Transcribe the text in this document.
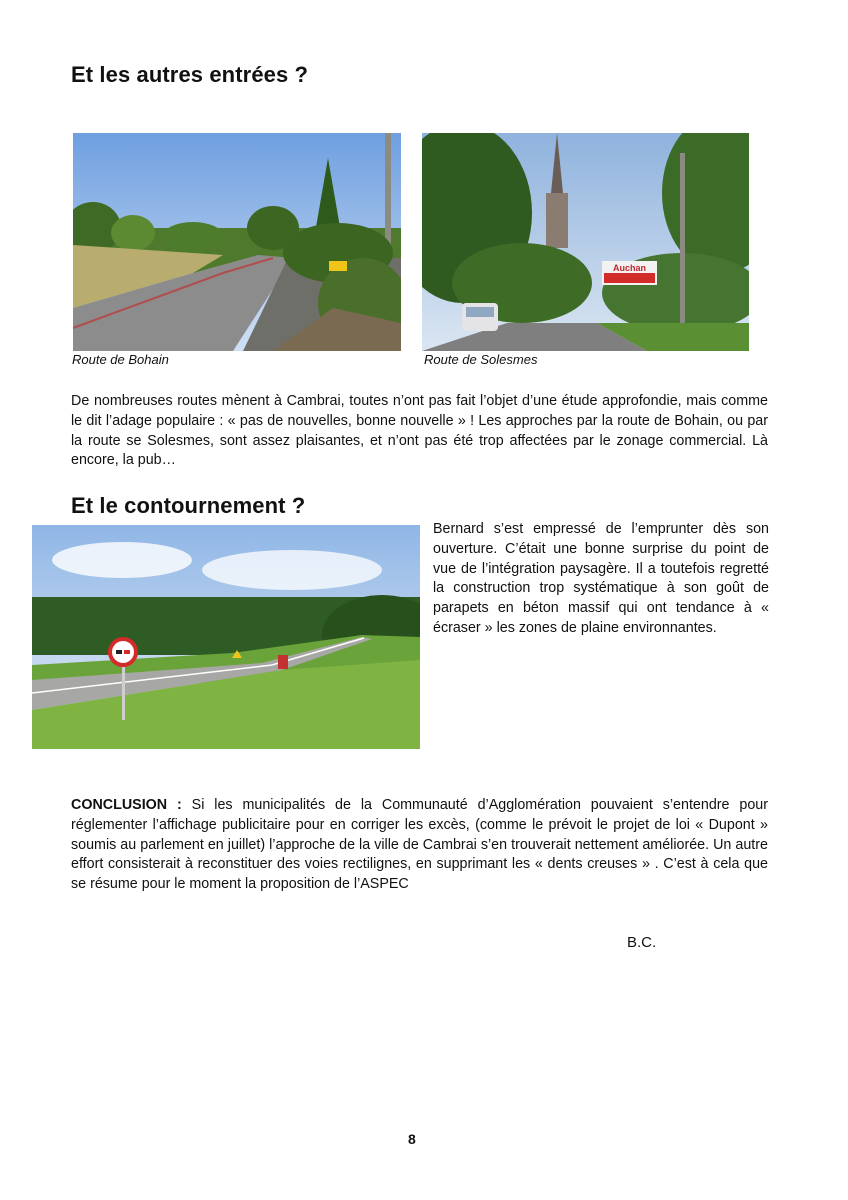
Et les autres entrées ?
Auchan
Route de Bohain	Route de Solesmes

De nombreuses routes mènent à Cambrai, toutes n’ont pas fait l’objet d’une étude approfondie, mais comme le dit l’adage populaire : « pas de nouvelles, bonne nouvelle » ! Les approches par la route de Bohain, ou par la route se Solesmes, sont assez plaisantes, et n’ont pas été trop affectées par le zonage commercial. Là encore, la pub…

Et le contournement ?

Bernard s’est empressé de l’emprunter dès son ouverture. C’était une bonne surprise du point de vue de l’intégration paysagère. Il a toutefois regretté la construction trop systématique à son goût de parapets en béton massif qui ont tendance à « écraser » les zones de plaine environnantes.

CONCLUSION : Si les municipalités de la Communauté d’Agglomération pouvaient s’entendre pour réglementer l’affichage publicitaire pour en corriger les excès, (comme le prévoit le projet de loi « Dupont » soumis au parlement en juillet) l’approche de la ville de Cambrai s’en trouverait nettement améliorée. Un autre effort consisterait à reconstituer des voies rectilignes, en supprimant les « dents creuses » . C’est à cela que se résume pour le moment la proposition de l’ASPEC

B.C.
8
